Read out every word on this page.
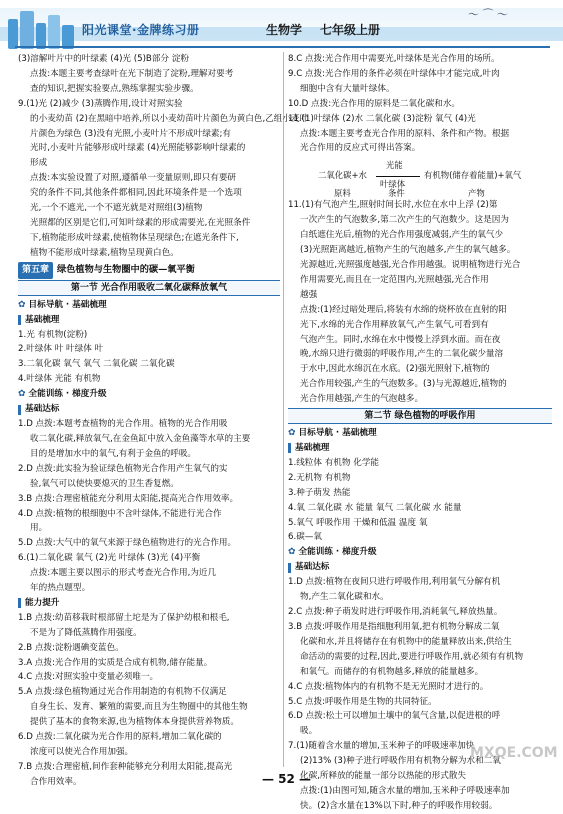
阳光课堂·金牌练习册	生物学 七年级上册
〜 ⌒ 〜
(3)溶解叶片中的叶绿素 (4)光 (5)B部分 淀粉
点拨:本题主要考查绿叶在光下制造了淀粉,理解对要考
查的知识,把握实验要点,熟练掌握实验步骤。
9.(1)光 (2)减少 (3)蒸腾作用,设计对照实验
的小麦幼苗 (2)在黑暗中培养,所以小麦幼苗叶片颜色为黄白色,乙组小麦叶
片颜色为绿色 (3)没有光照,小麦叶片不形成叶绿素;有
光时,小麦叶片能够形成叶绿素 (4)光照能够影响叶绿素的
形成
点拨:本实验设置了对照,遵循单一变量原则,即只有要研
究的条件不同,其他条件都相同,因此环境条件是一个选项
光,一个不遮光,一个不遮光就是对照组(3)植物
光照都的区别是它们,可知叶绿素的形成需要光,在光照条件
下,植物能形成叶绿素,使植物体呈现绿色;在遮光条件下,
植物不能形成叶绿素,植物呈现黄白色。
第五章 绿色植物与生物圈中的碳—氧平衡
第一节 光合作用吸收二氧化碳释放氧气
✿ 目标导航 · 基础梳理
基础梳理
1.光 有机物(淀粉)
2.叶绿体 叶 叶绿体 叶
3.二氧化碳 氧气 氧气 二氧化碳 二氧化碳
4.叶绿体 光能 有机物
✿ 全能训练 · 梯度升级
基础达标
1.D 点拨:本题考查植物的光合作用。植物的光合作用吸
收二氧化碳,释放氧气,在金鱼缸中放入金鱼藻等水草的主要
目的是增加水中的氧气,有利于金鱼的呼吸。
2.D 点拨:此实验为验证绿色植物光合作用产生氧气的实
验,氧气可以使快要熄灭的卫生香复燃。
3.B 点拨:合理密植能充分利用太阳能,提高光合作用效率。
4.D 点拨:植物的根细胞中不含叶绿体,不能进行光合作
用。
5.D 点拨:大气中的氧气来源于绿色植物进行的光合作用。
6.(1)二氧化碳 氧气 (2)光 叶绿体 (3)光 (4)平衡
点拨:本题主要以图示的形式考查光合作用,为近几
年的热点题型。
能力提升
1.B 点拨:幼苗移栽时根部留土坨是为了保护幼根和根毛,
不是为了降低蒸腾作用强度。
2.B 点拨:淀粉遇碘变蓝色。
3.A 点拨:光合作用的实质是合成有机物,储存能量。
4.C 点拨:对照实验中变量必须唯一。
5.A 点拨:绿色植物通过光合作用制造的有机物不仅满足
自身生长、发育、繁殖的需要,而且为生物圈中的其他生物
提供了基本的食物来源,也为植物体本身提供营养物质。
6.D 点拨:二氧化碳为光合作用的原料,增加二氧化碳的
浓度可以使光合作用加强。
7.B 点拨:合理密植,间作套种能够充分利用太阳能,提高光
合作用效率。
8.C 点拨:光合作用中需要光,叶绿体是光合作用的场所。
9.C 点拨:光合作用的条件必须在叶绿体中才能完成,叶肉
细胞中含有大量叶绿体。
10.D 点拨:光合作用的原料是二氧化碳和水。
11.(1)叶绿体 (2)水 二氧化碳 (3)淀粉 氧气 (4)光
点拨:本题主要考查光合作用的原料、条件和产物。根据
光合作用的反应式可得出答案。
二氧化碳+水
光能
叶绿体
有机物(储存着能量)+氧气
原料	条件	产物
11.(1)有气泡产生,照射时间长时,水位在水中上浮 (2)第
一次产生的气泡数多,第二次产生的气泡数少。这是因为
白纸遮住光后,植物的光合作用强度减弱,产生的氧气少
(3)光照距离越近,植物产生的气泡越多,产生的氧气越多。
光源越近,光照强度越强,光合作用越强。说明植物进行光合
作用需要光,而且在一定范围内,光照越强,光合作用
越强
点拨:(1)经过暗处理后,将装有水绵的烧杯放在直射的阳
光下,水绵的光合作用释放氧气,产生氧气,可看到有
气泡产生。同时,水绵在水中慢慢上浮到水面。而在夜
晚,水绵只进行微弱的呼吸作用,产生的二氧化碳少量溶
于水中,因此水绵沉在水底。(2)强光照射下,植物的
光合作用较强,产生的气泡数多。(3)与光源越近,植物的
光合作用越强,产生的气泡越多。
第二节 绿色植物的呼吸作用
✿ 目标导航 · 基础梳理
基础梳理
1.线粒体 有机物 化学能
2.无机物 有机物
3.种子萌发 热能
4.氧 二氧化碳 水 能量 氧气 二氧化碳 水 能量
5.氧气 呼吸作用 干燥和低温 温度 氧
6.碳—氧
✿ 全能训练 · 梯度升级
基础达标
1.D 点拨:植物在夜间只进行呼吸作用,利用氧气分解有机
物,产生二氧化碳和水。
2.C 点拨:种子萌发时进行呼吸作用,消耗氧气,释放热量。
3.B 点拨:呼吸作用是指细胞利用氧,把有机物分解成二氧
化碳和水,并且将储存在有机物中的能量释放出来,供给生
命活动的需要的过程,因此,要进行呼吸作用,就必须有有机物
和氧气。而储存的有机物越多,释放的能量越多。
4.C 点拨:植物体内的有机物不是无光照时才进行的。
5.C 点拨:呼吸作用是生物的共同特征。
6.D 点拨:松土可以增加土壤中的氧气含量,以促进根的呼
吸。
7.(1)随着含水量的增加,玉米种子的呼吸速率加快
(2)13% (3)种子进行呼吸作用有机物分解为水和二氧
化碳,所释放的能量一部分以热能的形式散失
点拨:(1)由图可知,随含水量的增加,玉米种子呼吸速率加
快。(2)含水量在13%以下时,种子的呼吸作用较弱。
— 52 —
MXQE.COM
